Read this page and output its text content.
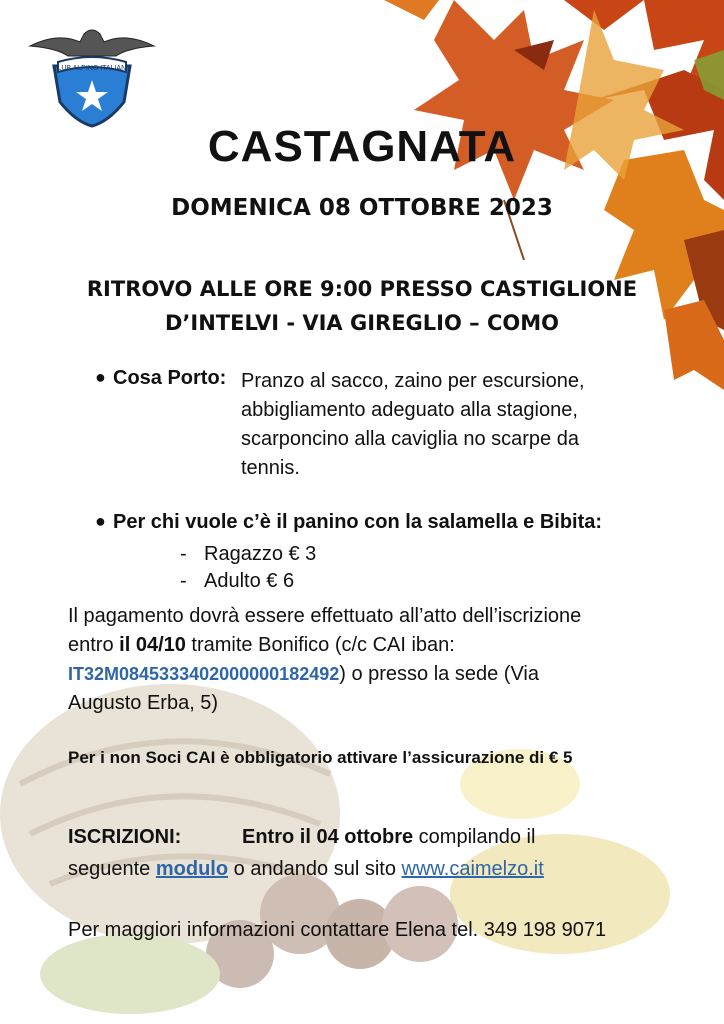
CLUB ALPINO ITALIANO
CASTAGNATA
DOMENICA 08 OTTOBRE 2023
RITROVO ALLE ORE 9:00 PRESSO CASTIGLIONE
D’INTELVI - VIA GIREGLIO – COMO
● Cosa Porto: Pranzo al sacco, zaino per escursione,
abbigliamento adeguato alla stagione,
scarponcino alla caviglia no scarpe da
tennis.
● Per chi vuole c’è il panino con la salamella e Bibita:
- Ragazzo € 3
- Adulto € 6
Il pagamento dovrà essere effettuato all’atto dell’iscrizione
entro il 04/10 tramite Bonifico (c/c CAI iban:
IT32M0845333402000000182492) o presso la sede (Via
Augusto Erba, 5)
Per i non Soci CAI è obbligatorio attivare l’assicurazione di € 5
ISCRIZIONI:	Entro il 04 ottobre compilando il
seguente modulo o andando sul sito www.caimelzo.it
Per maggiori informazioni contattare Elena tel. 349 198 9071
